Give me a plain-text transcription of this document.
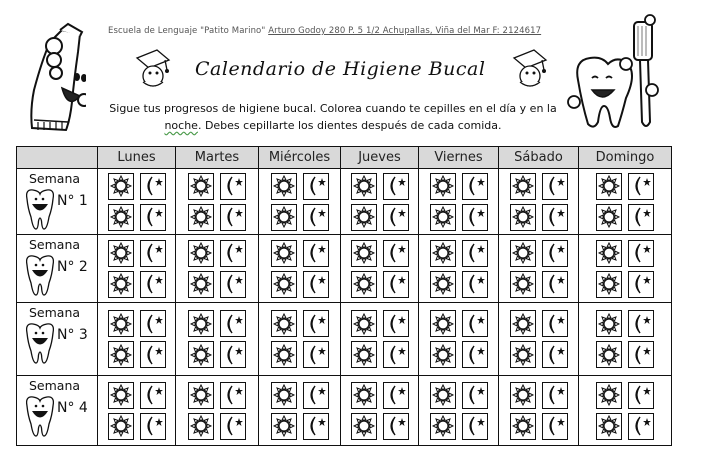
Escuela de Lenguaje "Patito Marino" Arturo Godoy 280 P. 5 1/2 Achupallas, Viña del Mar F: 2124617
Calendario de Higiene Bucal
Sigue tus progresos de higiene bucal. Colorea cuando te cepilles en el día y en la noche. Debes cepillarte los dientes después de cada comida.
	Lunes	Martes	Miércoles	Jueves	Viernes	Sábado	Domingo

Semana
N° 1

Semana
N° 2

Semana
N° 3

Semana
N° 4
